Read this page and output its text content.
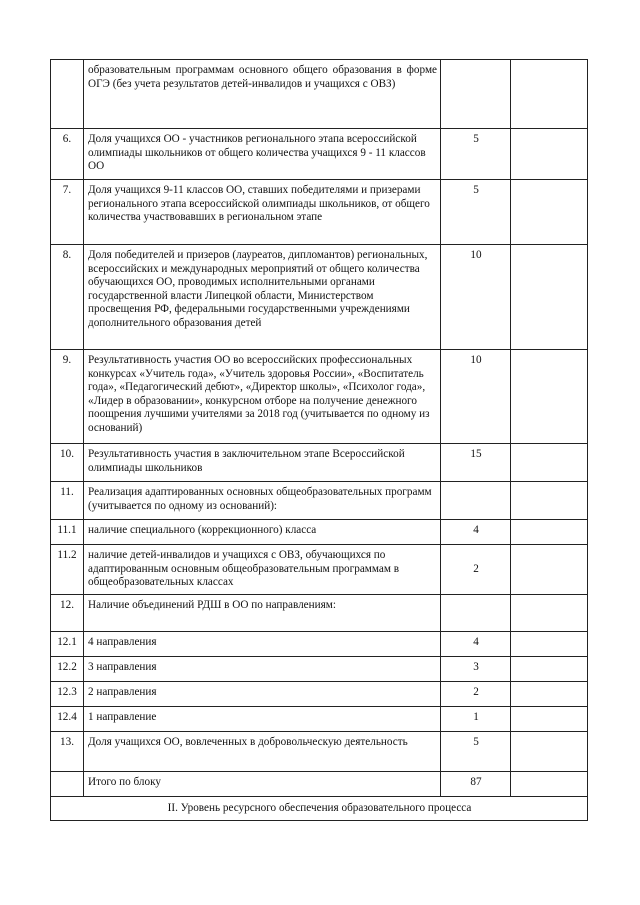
	образовательным программам основного общего образования в форме ОГЭ (без учета результатов детей-инвалидов и учащихся с ОВЗ)		
6.	Доля учащихся ОО - участников регионального этапа всероссийской олимпиады школьников от общего количества учащихся 9 - 11 классов ОО	5	
7.	Доля учащихся 9-11 классов ОО, ставших победителями и призерами регионального этапа всероссийской олимпиады школьников, от общего количества участвовавших в региональном этапе	5	
8.	Доля победителей и призеров (лауреатов, дипломантов) региональных, всероссийских и международных мероприятий от общего количества обучающихся ОО, проводимых исполнительными органами государственной власти Липецкой области, Министерством просвещения РФ, федеральными государственными учреждениями дополнительного образования детей	10	
9.	Результативность участия ОО во всероссийских профессиональных конкурсах «Учитель года», «Учитель здоровья России», «Воспитатель года», «Педагогический дебют», «Директор школы», «Психолог года», «Лидер в образовании», конкурсном отборе на получение денежного поощрения лучшими учителями за 2018 год (учитывается по одному из оснований)	10	
10.	Результативность участия в заключительном этапе Всероссийской олимпиады школьников	15	
11.	Реализация адаптированных основных общеобразовательных программ (учитывается по одному из оснований):		
11.1	наличие специального (коррекционного) класса	4	
11.2	наличие детей-инвалидов и учащихся с ОВЗ, обучающихся по адаптированным основным общеобразовательным программам в общеобразовательных классах	2	
12.	Наличие объединений РДШ в ОО по направлениям:		
12.1	4 направления	4	
12.2	3 направления	3	
12.3	2 направления	2	
12.4	1 направление	1	
13.	Доля учащихся ОО, вовлеченных в добровольческую деятельность	5	
	Итого по блоку	87	
II. Уровень ресурсного обеспечения образовательного процесса			
